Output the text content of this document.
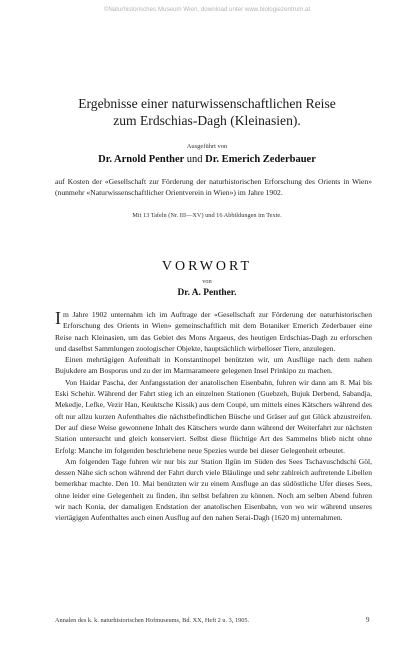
©Naturhistorisches Museum Wien, download unter www.biologiezentrum.at
Ergebnisse einer naturwissenschaftlichen Reise
zum Erdschias-Dagh (Kleinasien).
Ausgeführt von
Dr. Arnold Penther und Dr. Emerich Zederbauer
auf Kosten der «Gesellschaft zur Förderung der naturhistorischen Erforschung des Orients in Wien» (nunmehr «Naturwissenschaftlicher Orientverein in Wien») im Jahre 1902.
Mit 13 Tafeln (Nr. III—XV) und 16 Abbildungen im Texte.
VORWORT
von
Dr. A. Penther.

Im Jahre 1902 unternahm ich im Auftrage der «Gesellschaft zur Förderung der naturhistorischen Erforschung des Orients in Wien» gemeinschaftlich mit dem Botaniker Emerich Zederbauer eine Reise nach Kleinasien, um das Gebiet des Mons Argaeus, des heutigen Erdschias-Dagh zu erforschen und daselbst Sammlungen zoologischer Objekte, hauptsächlich wirbelloser Tiere, anzulegen.

Einen mehrtägigen Aufenthalt in Konstantinopel benützten wir, um Ausflüge nach dem nahen Bujukdere am Bosporus und zu der im Marmarameere gelegenen Insel Prinkipo zu machen.

Von Haidar Pascha, der Anfangsstation der anatolischen Eisenbahn, fuhren wir dann am 8. Mai bis Eski Schehir. Während der Fahrt stieg ich an einzelnen Stationen (Guebzeh, Bujuk Derbend, Sabandja, Mekedje, Lefke, Vezir Han, Keuktsche Kissik) aus dem Coupé, um mittels eines Kätschers während des oft nur allzu kurzen Aufenthaltes die nächstbefindlichen Büsche und Gräser auf gut Glück abzustreifen. Der auf diese Weise gewonnene Inhalt des Kätschers wurde dann während der Weiterfahrt zur nächsten Station untersucht und gleich konserviert. Selbst diese flüchtige Art des Sammelns blieb nicht ohne Erfolg: Manche im folgenden beschriebene neue Spezies wurde bei dieser Gelegenheit erbeutet.

Am folgenden Tage fuhren wir nur bis zur Station Ilgün im Süden des Sees Tschavuschdschi Göl, dessen Nähe sich schon während der Fahrt durch viele Bläulinge und sehr zahlreich auftretende Libellen bemerkbar machte. Den 10. Mai benützten wir zu einem Ausfluge an das südöstliche Ufer dieses Sees, ohne leider eine Gelegenheit zu finden, ihn selbst befahren zu können. Noch am selben Abend fuhren wir nach Konia, der damaligen Endstation der anatolischen Eisenbahn, von wo wir während unseres viertägigen Aufenthaltes auch einen Ausflug auf den nahen Serai-Dagh (1620 m) unternahmen.

Annalen des k. k. naturhistorischen Hofmuseums, Bd. XX, Heft 2 u. 3, 1905.	9
